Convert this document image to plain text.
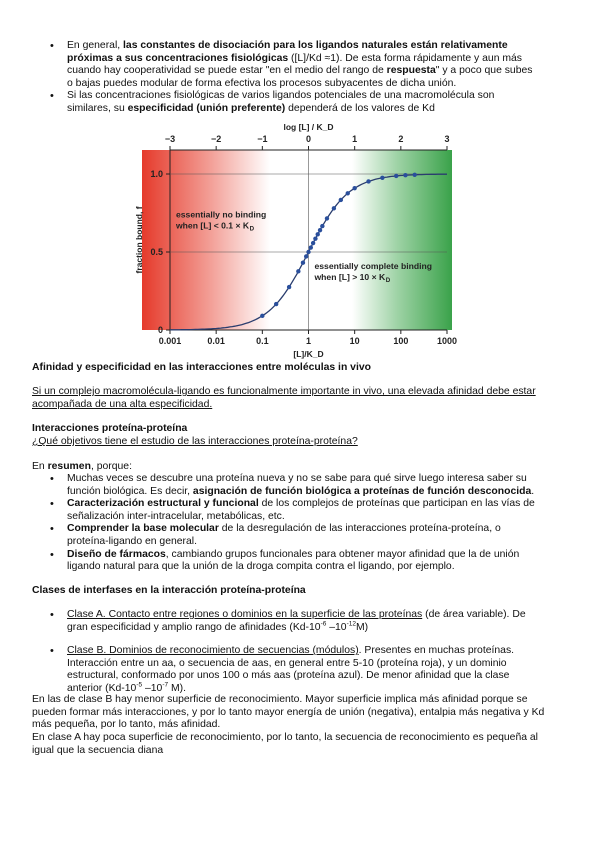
• En general, las constantes de disociación para los ligandos naturales están relativamente próximas a sus concentraciones fisiológicas ([L]/Kd ≈1). De esta forma rápidamente y aun más cuando hay cooperatividad se puede estar "en el medio del rango de respuesta" y a poco que subes o bajas puedes modular de forma efectiva los procesos subyacentes de dicha unión.
• Si las concentraciones fisiológicas de varios ligandos potenciales de una macromolécula son similares, su especificidad (unión preferente) dependerá de los valores de Kd
0.001
−3
0.01
−2
0.1
−1
1
0
10
1
100
2
1000
3
0
0.5
1.0
[L]/K_D
log [L] / K_D
fraction bound, f	essentially no binding
when [L] < 0.1 × K D
essentially complete binding
when [L] > 10 × K D

Afinidad y especificidad en las interacciones entre moléculas in vivo

Si un complejo macromolécula-ligando es funcionalmente importante in vivo, una elevada afinidad debe estar acompañada de una alta especificidad.

Interacciones proteína-proteína

¿Qué objetivos tiene el estudio de las interacciones proteína-proteína?

En resumen, porque:

• Muchas veces se descubre una proteína nueva y no se sabe para qué sirve luego interesa saber su función biológica. Es decir, asignación de función biológica a proteínas de función desconocida.
• Caracterización estructural y funcional de los complejos de proteínas que participan en las vías de señalización inter-intracelular, metabólicas, etc.
• Comprender la base molecular de la desregulación de las interacciones proteína-proteína, o proteína-ligando en general.
• Diseño de fármacos, cambiando grupos funcionales para obtener mayor afinidad que la de unión ligando natural para que la unión de la droga compita contra el ligando, por ejemplo.

Clases de interfases en la interacción proteína-proteína

• Clase A. Contacto entre regiones o dominios en la superficie de las proteínas (de área variable). De gran especificidad y amplio rango de afinidades ($Kd-10^{-6}$ $-10^{-12}M$)
• Clase B. Dominios de reconocimiento de secuencias (módulos). Presentes en muchas proteínas. Interacción entre un aa, o secuencia de aas, en general entre 5-10 (proteína roja), y un dominio estructural, conformado por unos 100 o más aas (proteína azul). De menor afinidad que la clase anterior ($Kd-10^{-5}$ $-10^{-7}$ M).

En las de clase B hay menor superficie de reconocimiento. Mayor superficie implica más afinidad porque se pueden formar más interacciones, y por lo tanto mayor energía de unión (negativa), entalpia más negativa y Kd más pequeña, por lo tanto, más afinidad.

En clase A hay poca superficie de reconocimiento, por lo tanto, la secuencia de reconocimiento es pequeña al igual que la secuencia diana
